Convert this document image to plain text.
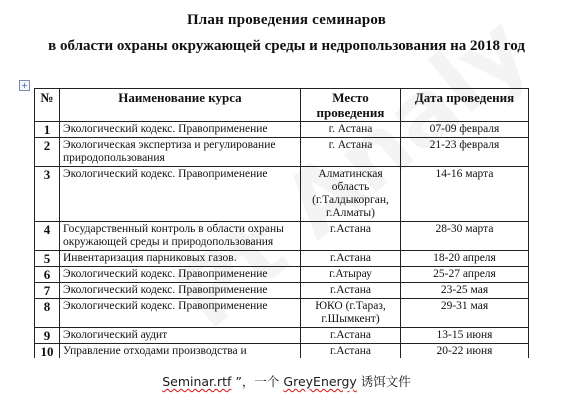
План проведения семинаров
в области охраны окружающей среды и недропользования на 2018 год
+
№	Наименование курса	Место проведения	Дата проведения
1	Экологический кодекс. Правоприменение	г. Астана	07-09 февраля
2	Экологическая экспертиза и регулирование природопользования	г. Астана	21-23 февраля
3	Экологический кодекс. Правоприменение	Алматинская область (г.Талдыкорган, г.Алматы)	14-16 марта
4	Государственный контроль в области охраны окружающей среды и природопользования	г.Астана	28-30 марта
5	Инвентаризация парниковых газов.	г.Астана	18-20 апреля
6	Экологический кодекс. Правоприменение	г.Атырау	25-27 апреля
7	Экологический кодекс. Правоприменение	г.Астана	23-25 мая
8	Экологический кодекс. Правоприменение	ЮКО (г.Тараз, г.Шымкент)	29-31 мая
9	Экологический аудит	г.Астана	13-15 июня
10	Управление отходами производства и	г.Астана	20-22 июня
Seminar.rtf ”，一个 GreyEnergy 诱饵文件
